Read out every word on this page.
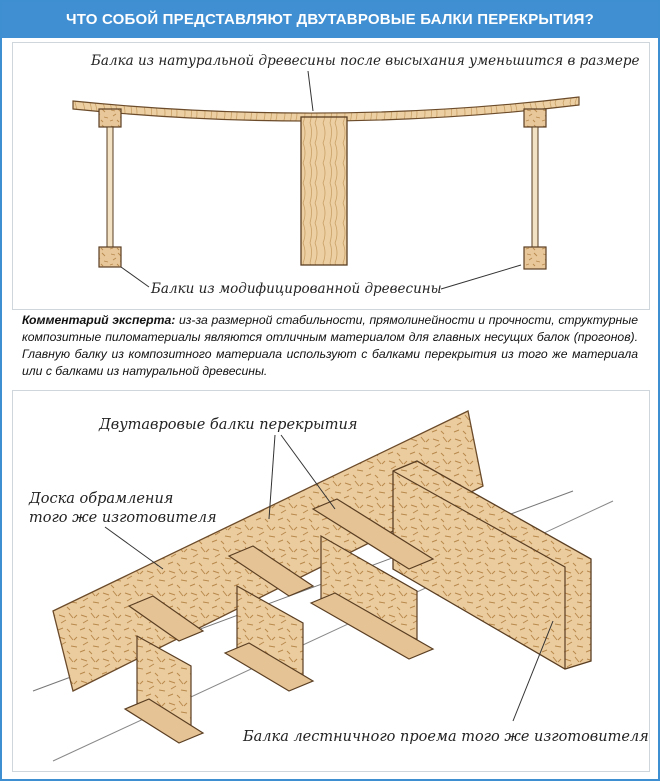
ЧТО СОБОЙ ПРЕДСТАВЛЯЮТ ДВУТАВРОВЫЕ БАЛКИ ПЕРЕКРЫТИЯ?
Балка из натуральной древесины после высыхания уменьшится в размере
Балки из модифицированной древесины
Комментарий эксперта: из-за размерной стабильности, прямолинейности и прочности, структурные композитные пиломатериалы являются отличным материалом для главных несущих балок (прогонов). Главную балку из композитного материала используют с балками перекрытия из того же материала или с балками из натуральной древесины.
Двутавровые балки перекрытия
Доска обрамления
того же изготовителя
Балка лестничного проема того же изготовителя
